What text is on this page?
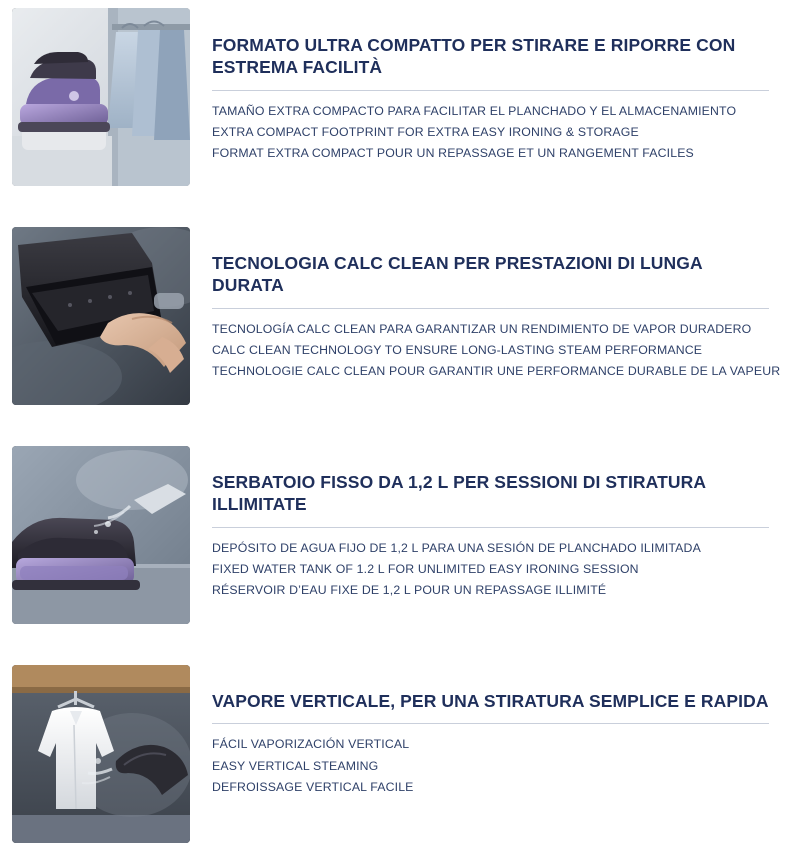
FORMATO ULTRA COMPATTO PER STIRARE E RIPORRE CON ESTREMA FACILITÀ
TAMAÑO EXTRA COMPACTO PARA FACILITAR EL PLANCHADO Y EL ALMACENAMIENTO
EXTRA COMPACT FOOTPRINT FOR EXTRA EASY IRONING & STORAGE
FORMAT EXTRA COMPACT POUR UN REPASSAGE ET UN RANGEMENT FACILES
TECNOLOGIA CALC CLEAN PER PRESTAZIONI DI LUNGA DURATA
TECNOLOGÍA CALC CLEAN PARA GARANTIZAR UN RENDIMIENTO DE VAPOR DURADERO
CALC CLEAN TECHNOLOGY TO ENSURE LONG-LASTING STEAM PERFORMANCE
TECHNOLOGIE CALC CLEAN POUR GARANTIR UNE PERFORMANCE DURABLE DE LA VAPEUR
SERBATOIO FISSO DA 1,2 L PER SESSIONI DI STIRATURA ILLIMITATE
DEPÓSITO DE AGUA FIJO DE 1,2 L PARA UNA SESIÓN DE PLANCHADO ILIMITADA
FIXED WATER TANK OF 1.2 L FOR UNLIMITED EASY IRONING SESSION
RÉSERVOIR D’EAU FIXE DE 1,2 L POUR UN REPASSAGE ILLIMITÉ
VAPORE VERTICALE, PER UNA STIRATURA SEMPLICE E RAPIDA
FÁCIL VAPORIZACIÓN VERTICAL
EASY VERTICAL STEAMING
DEFROISSAGE VERTICAL FACILE
